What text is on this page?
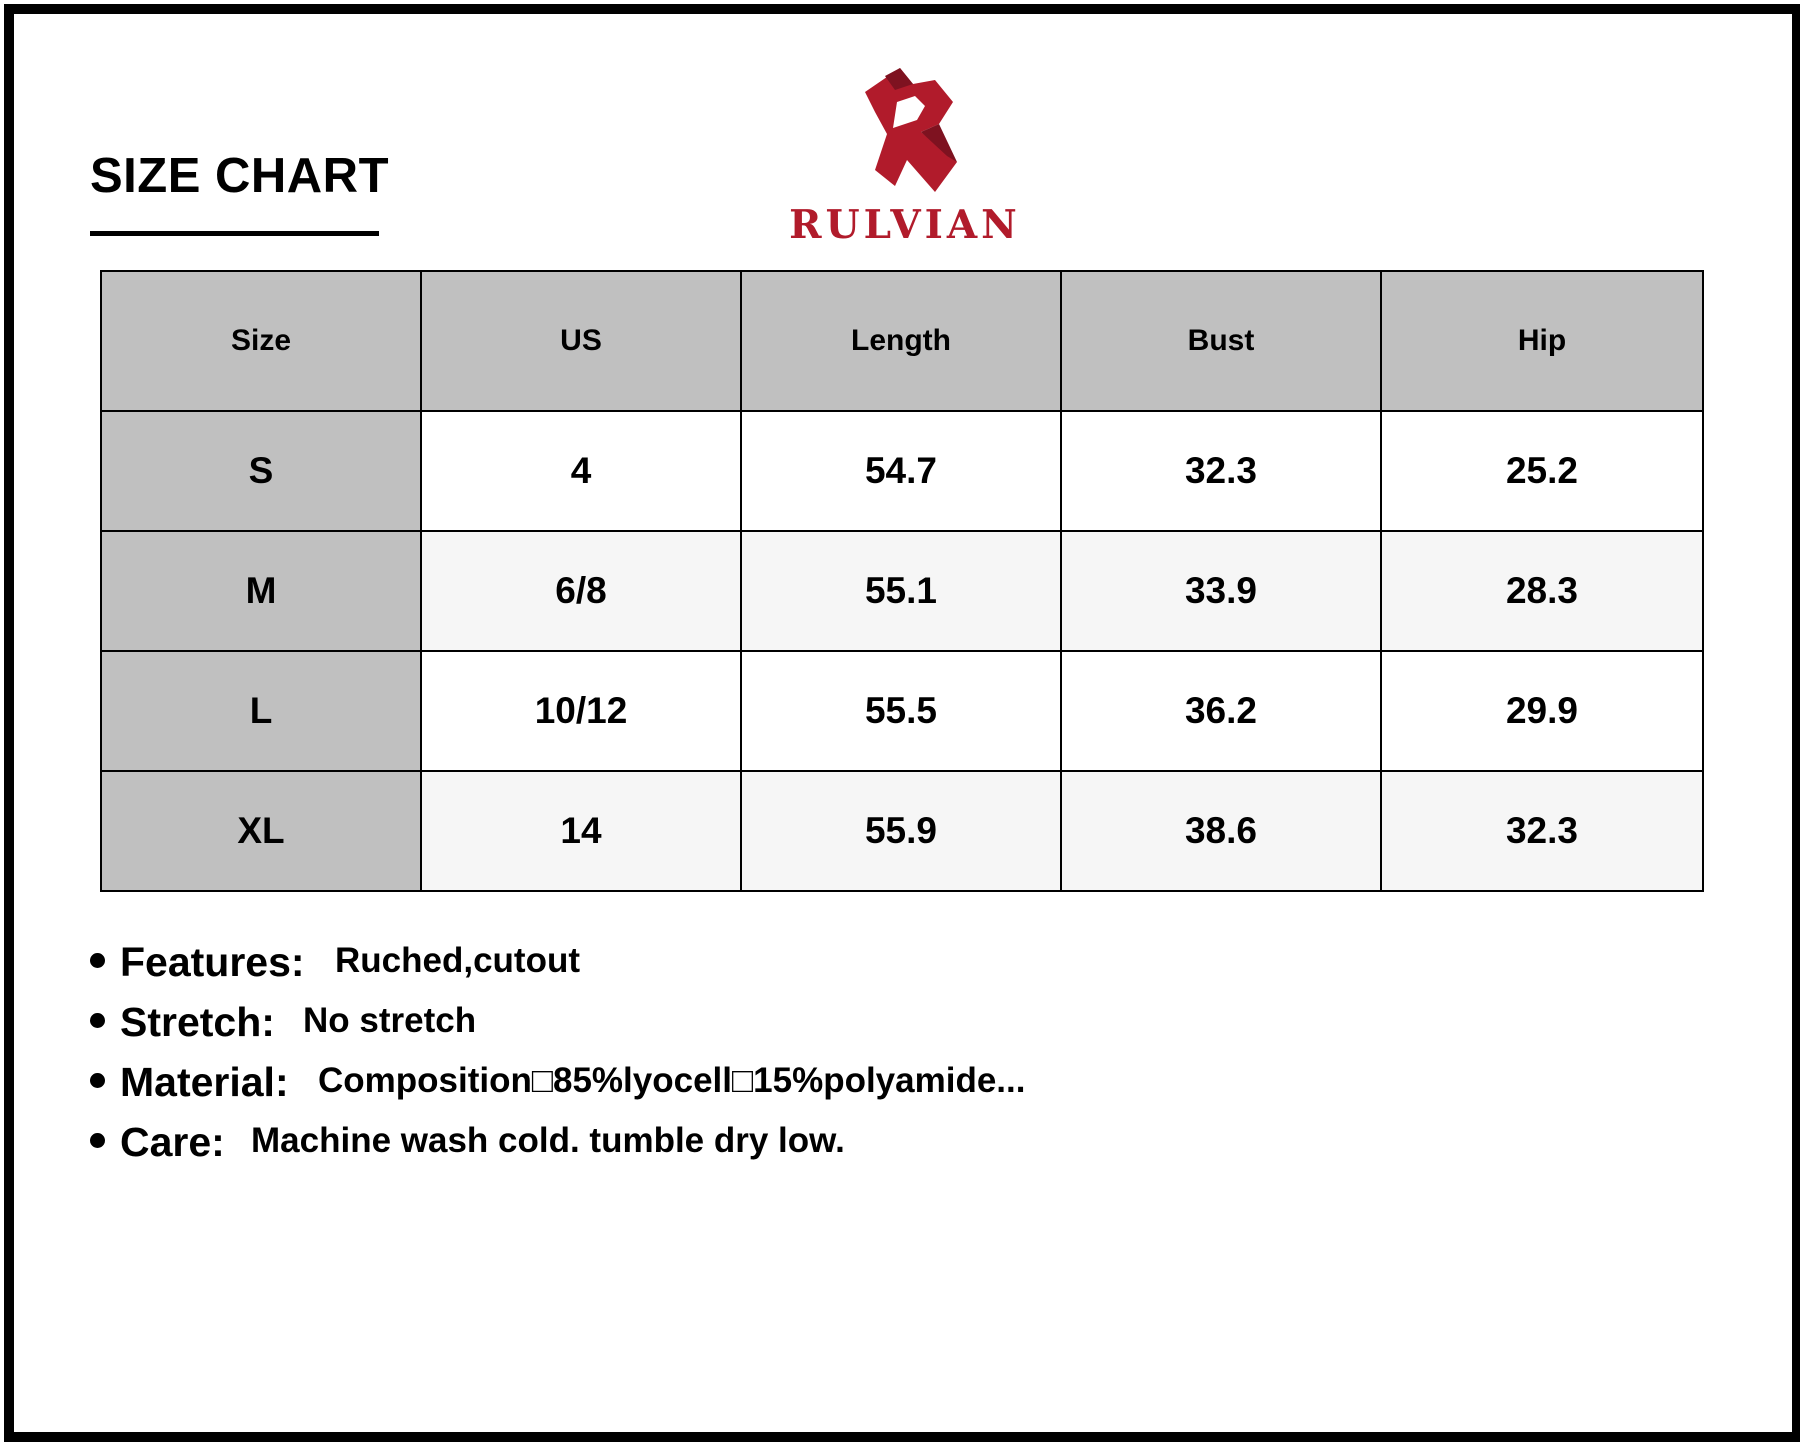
SIZE CHART
RULVIAN
Size	US	Length	Bust	Hip
S	4	54.7	32.3	25.2
M	6/8	55.1	33.9	28.3
L	10/12	55.5	36.2	29.9
XL	14	55.9	38.6	32.3
Features: Ruched,cutout
Stretch: No stretch
Material: Composition□85%lyocell□15%polyamide...
Care: Machine wash cold. tumble dry low.
